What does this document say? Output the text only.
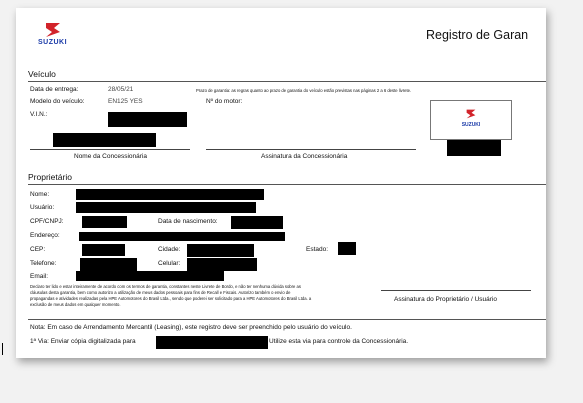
SUZUKI
Registro de Garan
Veículo
Data de entrega:	28/05/21
Modelo do veículo:	EN125 YES
V.I.N.:
Prazo de garantia: as regras quanto ao prazo de garantia do veículo estão previstas nas páginas 2 a 6 deste livrete.
Nº do motor:
SUZUKI
Nome da Concessionária	Assinatura da Concessionária
Proprietário
Nome:
Usuário:
CPF/CNPJ:	Data de nascimento:
Endereço:
CEP:	Cidade:	Estado:
Telefone:	Celular:
Email:
Declaro ter lido e estar inteiramente de acordo com os termos de garantia, constantes neste Livrete de Bordo, e não ter nenhuma dúvida sobre as
cláusulas desta garantia, bem como autorizo a utilização de meus dados pessoais para fins de Recall e Fiscais. Autorizo também o envio de
propagandas e atividades realizadas pela HPE Automotores do Brasil Ltda., sendo que poderei ser solicitado para a HPE Automotores do Brasil Ltda. a
exclusão de meus dados em qualquer momento.
Assinatura do Proprietário / Usuário
Nota: Em caso de Arrendamento Mercantil (Leasing), este registro deve ser preenchido pelo usuário do veículo.
1ª Via: Enviar cópia digitalizada para	Utilize esta via para controle da Concessionária.
